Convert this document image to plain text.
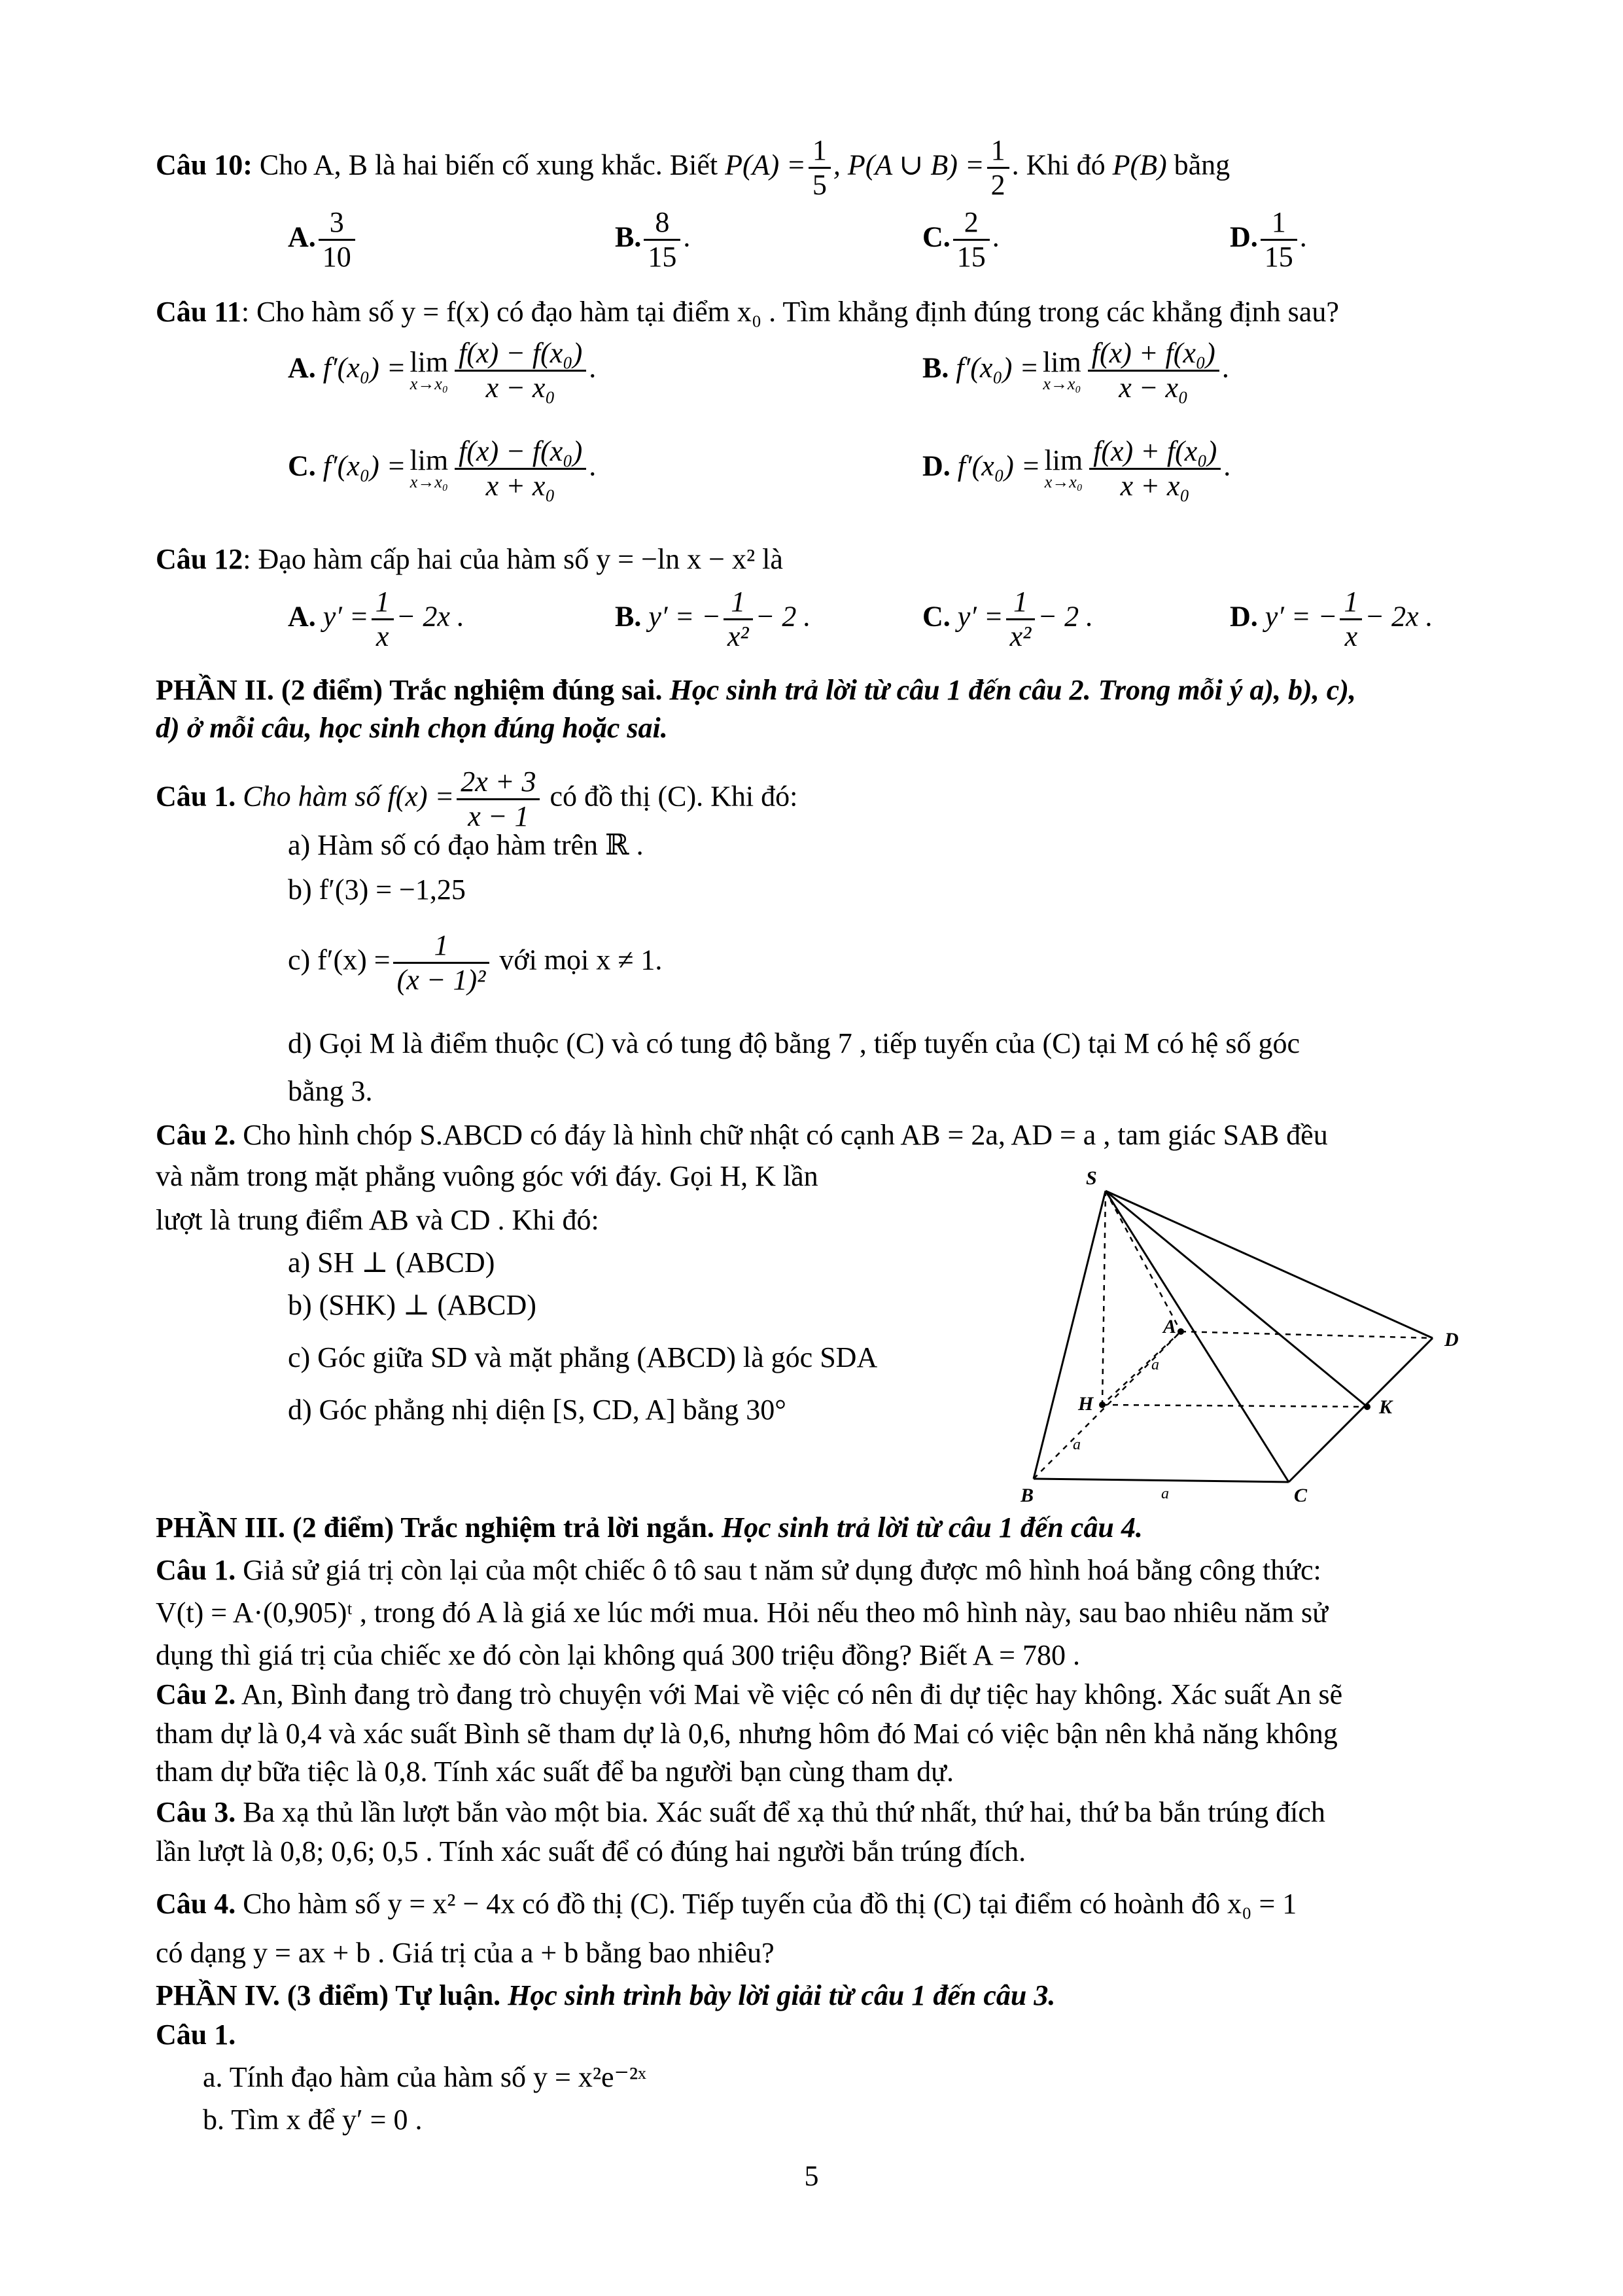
Câu 10: Cho A, B là hai biến cố xung khắc. Biết $P(A) = \frac{1}{5}$ , P(A ∪ $B) = \frac{1}{2}$ . Khi đó P(B) bằng
A. $\frac{3}{10}$	B. $\frac{8}{15}$ .	C. $\frac{2}{15}$ .	D. $\frac{1}{15}$ .
Câu 11: Cho hàm số y = f(x) có đạo hàm tại điểm x₀ . Tìm khẳng định đúng trong các khẳng định sau?
A. f′(x₀) = lim
$x\to x_0 \frac{\text{f(x) − f(x₀)}}{\text{x − x₀}}$ .	B. f′(x₀) = lim
$x\to x_0 \frac{\text{f(x) + f(x₀)}}{\text{x − x₀}}$ .
C. f′(x₀) = lim
$x\to x_0 \frac{\text{f(x) − f(x₀)}}{\text{x + x₀}}$ .	D. f′(x₀) = lim
$x\to x_0 \frac{\text{f(x) + f(x₀)}}{\text{x + x₀}}$ .
Câu 12: Đạo hàm cấp hai của hàm số y = −ln x − x² là
A. $y' = \frac{1}{x} - 2x$ .	B. y′ = − $\frac{1}{\text{x²}} - 2$ .	C. $y' = \frac{1}{\text{x²}} - 2$ .	D. y′ = − $\frac{1}{x} - 2x$ .
PHẦN II. (2 điểm) Trắc nghiệm đúng sai. Học sinh trả lời từ câu 1 đến câu 2. Trong mỗi ý a), b), c),
d) ở mỗi câu, học sinh chọn đúng hoặc sai.
Câu 1. Cho hàm số $f(x) = \frac{2x + 3}{x - 1}$ có đồ thị (C). Khi đó:
a) Hàm số có đạo hàm trên ℝ .
b) f′(3) = −1,25
c) $f'(x) = \frac{1}{\text{(x − 1)²}}$ với mọi x ≠ 1.
d) Gọi M là điểm thuộc (C) và có tung độ bằng 7 , tiếp tuyến của (C) tại M có hệ số góc
bằng 3.
Câu 2. Cho hình chóp S.ABCD có đáy là hình chữ nhật có cạnh AB = 2a, AD = a , tam giác SAB đều
và nằm trong mặt phẳng vuông góc với đáy. Gọi H, K lần
lượt là trung điểm AB và CD . Khi đó:
a) SH ⊥ (ABCD)
b) (SHK) ⊥ (ABCD)
c) Góc giữa SD và mặt phẳng (ABCD) là góc SDA
d) Góc phẳng nhị diện [S, CD, A] bằng 30°
S
A
D
H	K
B	C
a
a
a
PHẦN III. (2 điểm) Trắc nghiệm trả lời ngắn. Học sinh trả lời từ câu 1 đến câu 4.
Câu 1. Giả sử giá trị còn lại của một chiếc ô tô sau t năm sử dụng được mô hình hoá bằng công thức:
V(t) = A·(0,905)ᵗ , trong đó A là giá xe lúc mới mua. Hỏi nếu theo mô hình này, sau bao nhiêu năm sử
dụng thì giá trị của chiếc xe đó còn lại không quá 300 triệu đồng? Biết A = 780 .
Câu 2. An, Bình đang trò đang trò chuyện với Mai về việc có nên đi dự tiệc hay không. Xác suất An sẽ
tham dự là 0,4 và xác suất Bình sẽ tham dự là 0,6, nhưng hôm đó Mai có việc bận nên khả năng không
tham dự bữa tiệc là 0,8. Tính xác suất để ba người bạn cùng tham dự.
Câu 3. Ba xạ thủ lần lượt bắn vào một bia. Xác suất để xạ thủ thứ nhất, thứ hai, thứ ba bắn trúng đích
lần lượt là 0,8; 0,6; 0,5 . Tính xác suất để có đúng hai người bắn trúng đích.
Câu 4. Cho hàm số y = x² − 4x có đồ thị (C). Tiếp tuyến của đồ thị (C) tại điểm có hoành đô x₀ = 1
có dạng y = ax + b . Giá trị của a + b bằng bao nhiêu?
PHẦN IV. (3 điểm) Tự luận. Học sinh trình bày lời giải từ câu 1 đến câu 3.
Câu 1.
a. Tính đạo hàm của hàm số y = x²e⁻²ˣ
b. Tìm x để y′ = 0 .
5
